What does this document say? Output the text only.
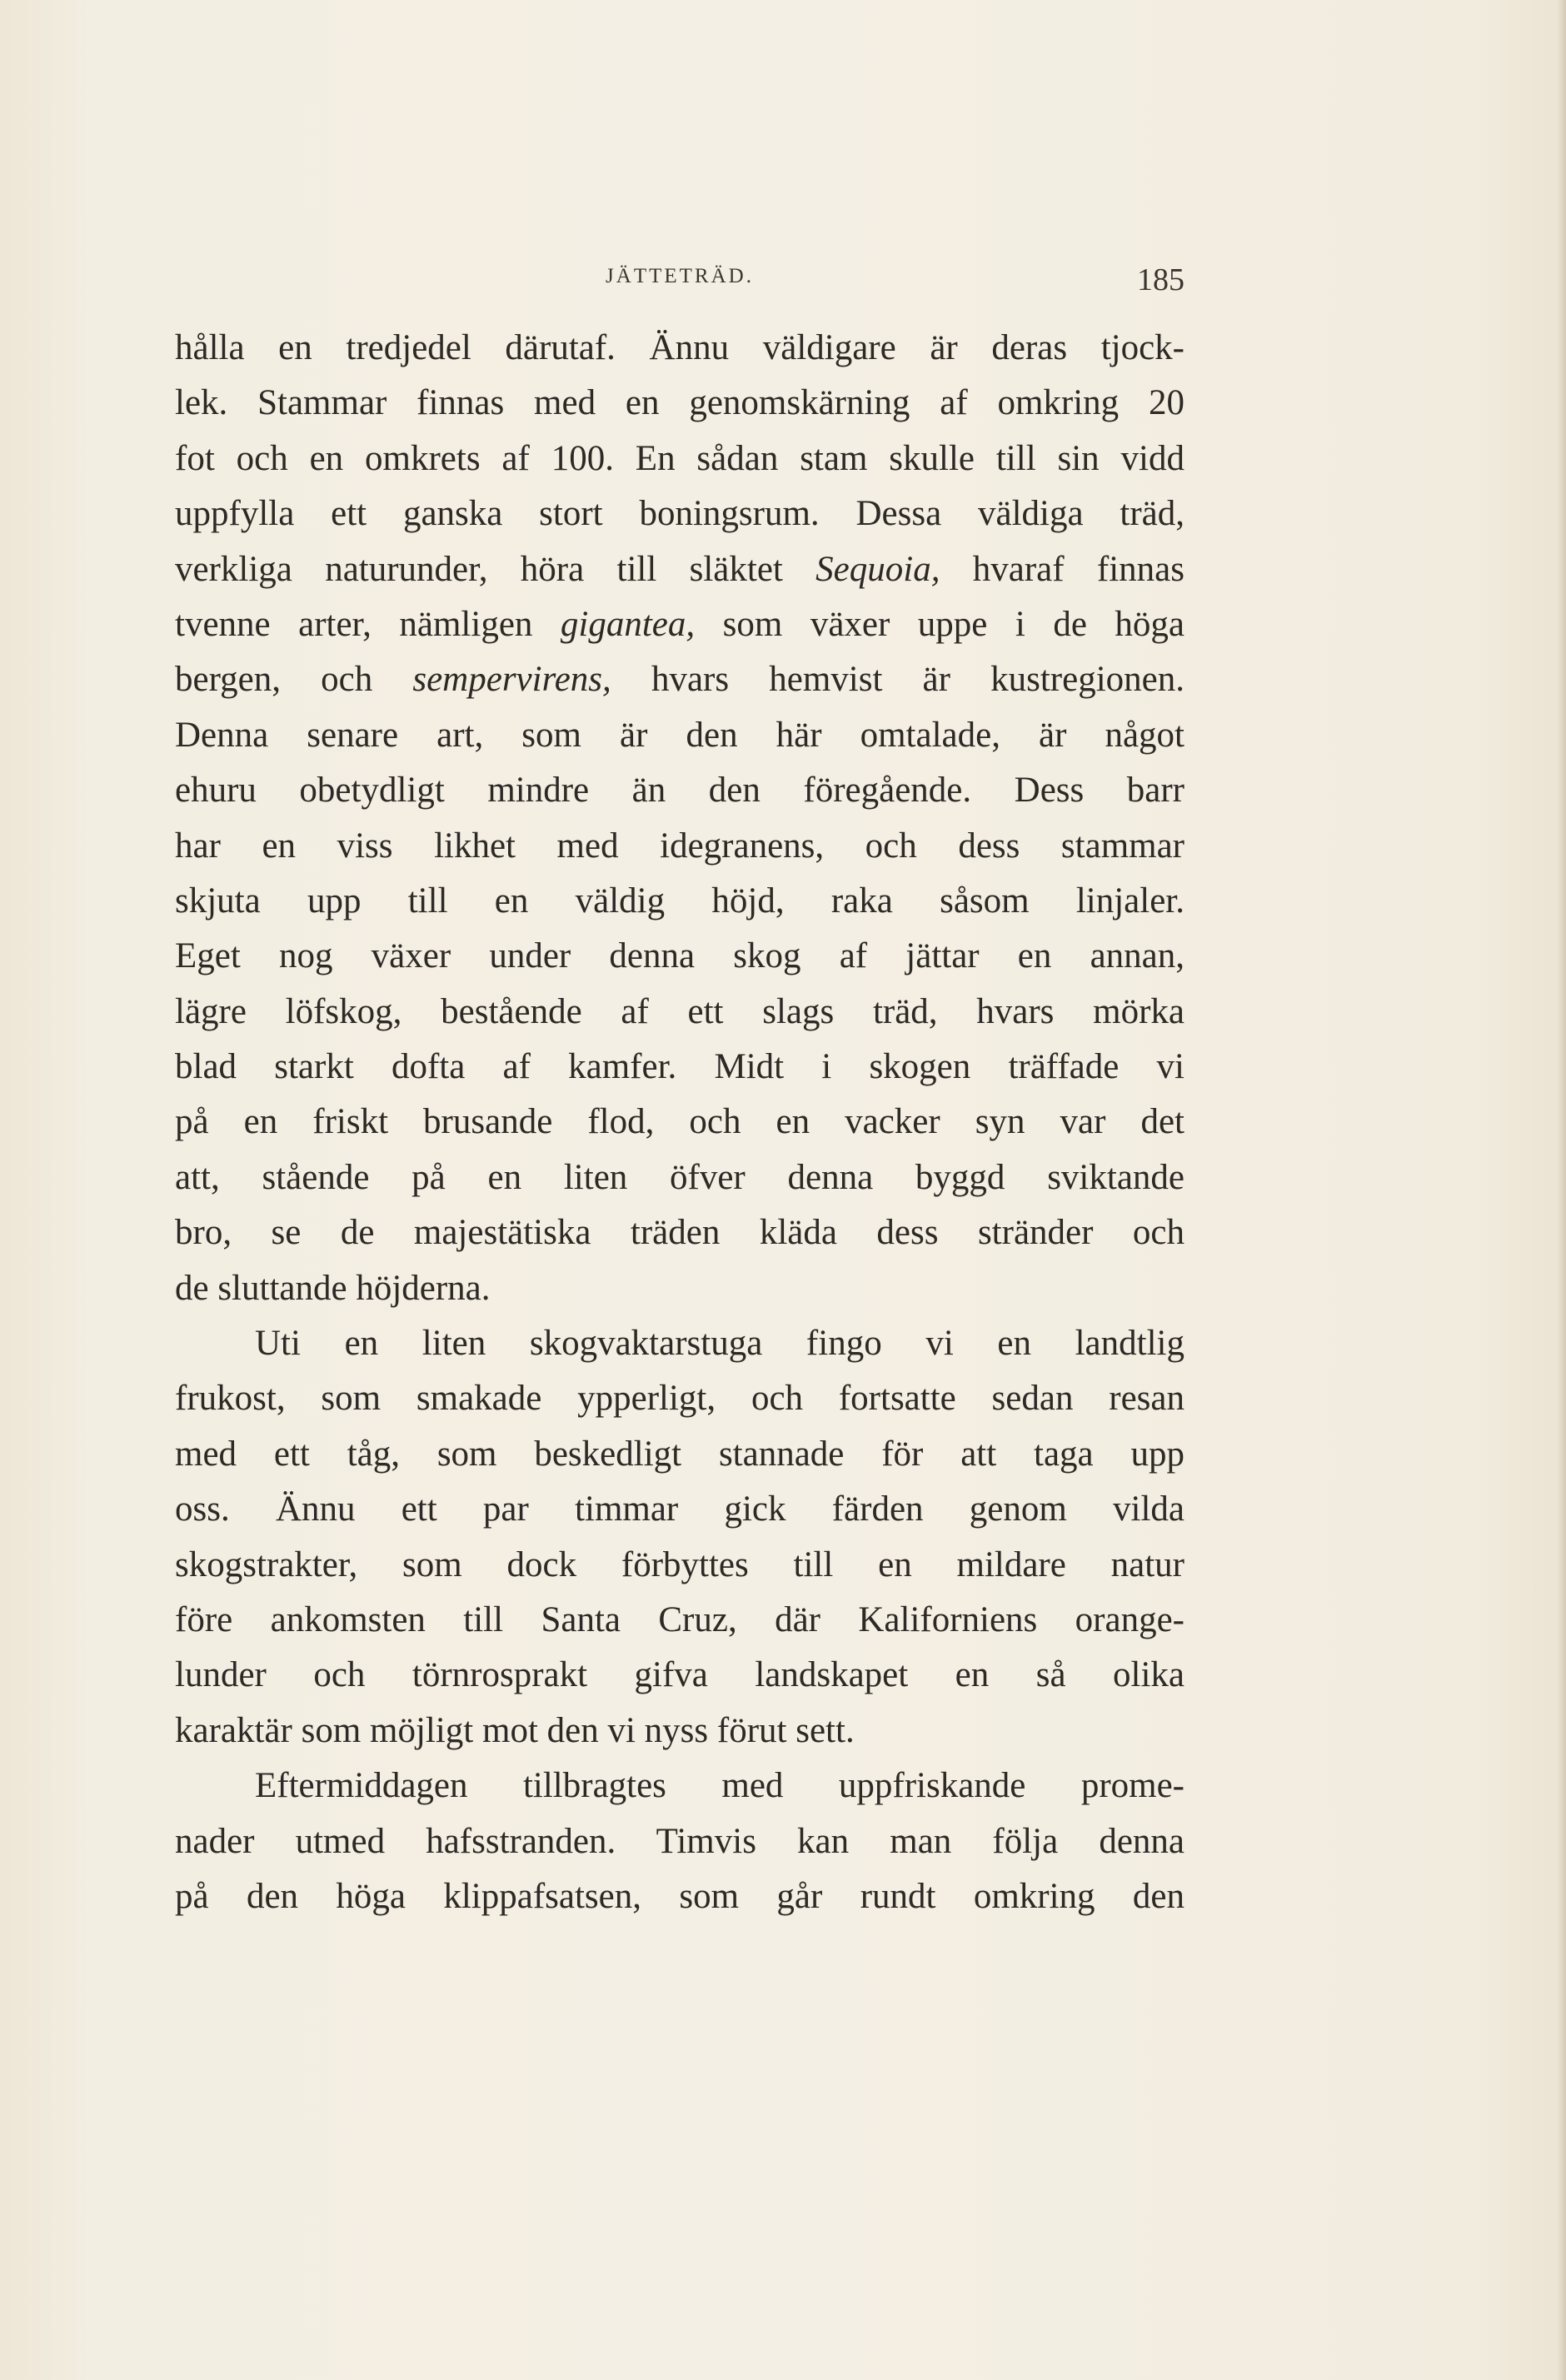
JÄTTETRÄD.	185
hålla en tredjedel därutaf. Ännu väldigare är deras tjock-
lek. Stammar finnas med en genomskärning af omkring 20
fot och en omkrets af 100. En sådan stam skulle till sin vidd
uppfylla ett ganska stort boningsrum. Dessa väldiga träd,
verkliga naturunder, höra till släktet Sequoia, hvaraf finnas
tvenne arter, nämligen gigantea, som växer uppe i de höga
bergen, och sempervirens, hvars hemvist är kustregionen.
Denna senare art, som är den här omtalade, är något
ehuru obetydligt mindre än den föregående. Dess barr
har en viss likhet med idegranens, och dess stammar
skjuta upp till en väldig höjd, raka såsom linjaler.
Eget nog växer under denna skog af jättar en annan,
lägre löfskog, bestående af ett slags träd, hvars mörka
blad starkt dofta af kamfer. Midt i skogen träffade vi
på en friskt brusande flod, och en vacker syn var det
att, stående på en liten öfver denna byggd sviktande
bro, se de majestätiska träden kläda dess stränder och
de sluttande höjderna.
Uti en liten skogvaktarstuga fingo vi en landtlig
frukost, som smakade ypperligt, och fortsatte sedan resan
med ett tåg, som beskedligt stannade för att taga upp
oss. Ännu ett par timmar gick färden genom vilda
skogstrakter, som dock förbyttes till en mildare natur
före ankomsten till Santa Cruz, där Kaliforniens orange-
lunder och törnrosprakt gifva landskapet en så olika
karaktär som möjligt mot den vi nyss förut sett.
Eftermiddagen tillbragtes med uppfriskande prome-
nader utmed hafsstranden. Timvis kan man följa denna
på den höga klippafsatsen, som går rundt omkring den
